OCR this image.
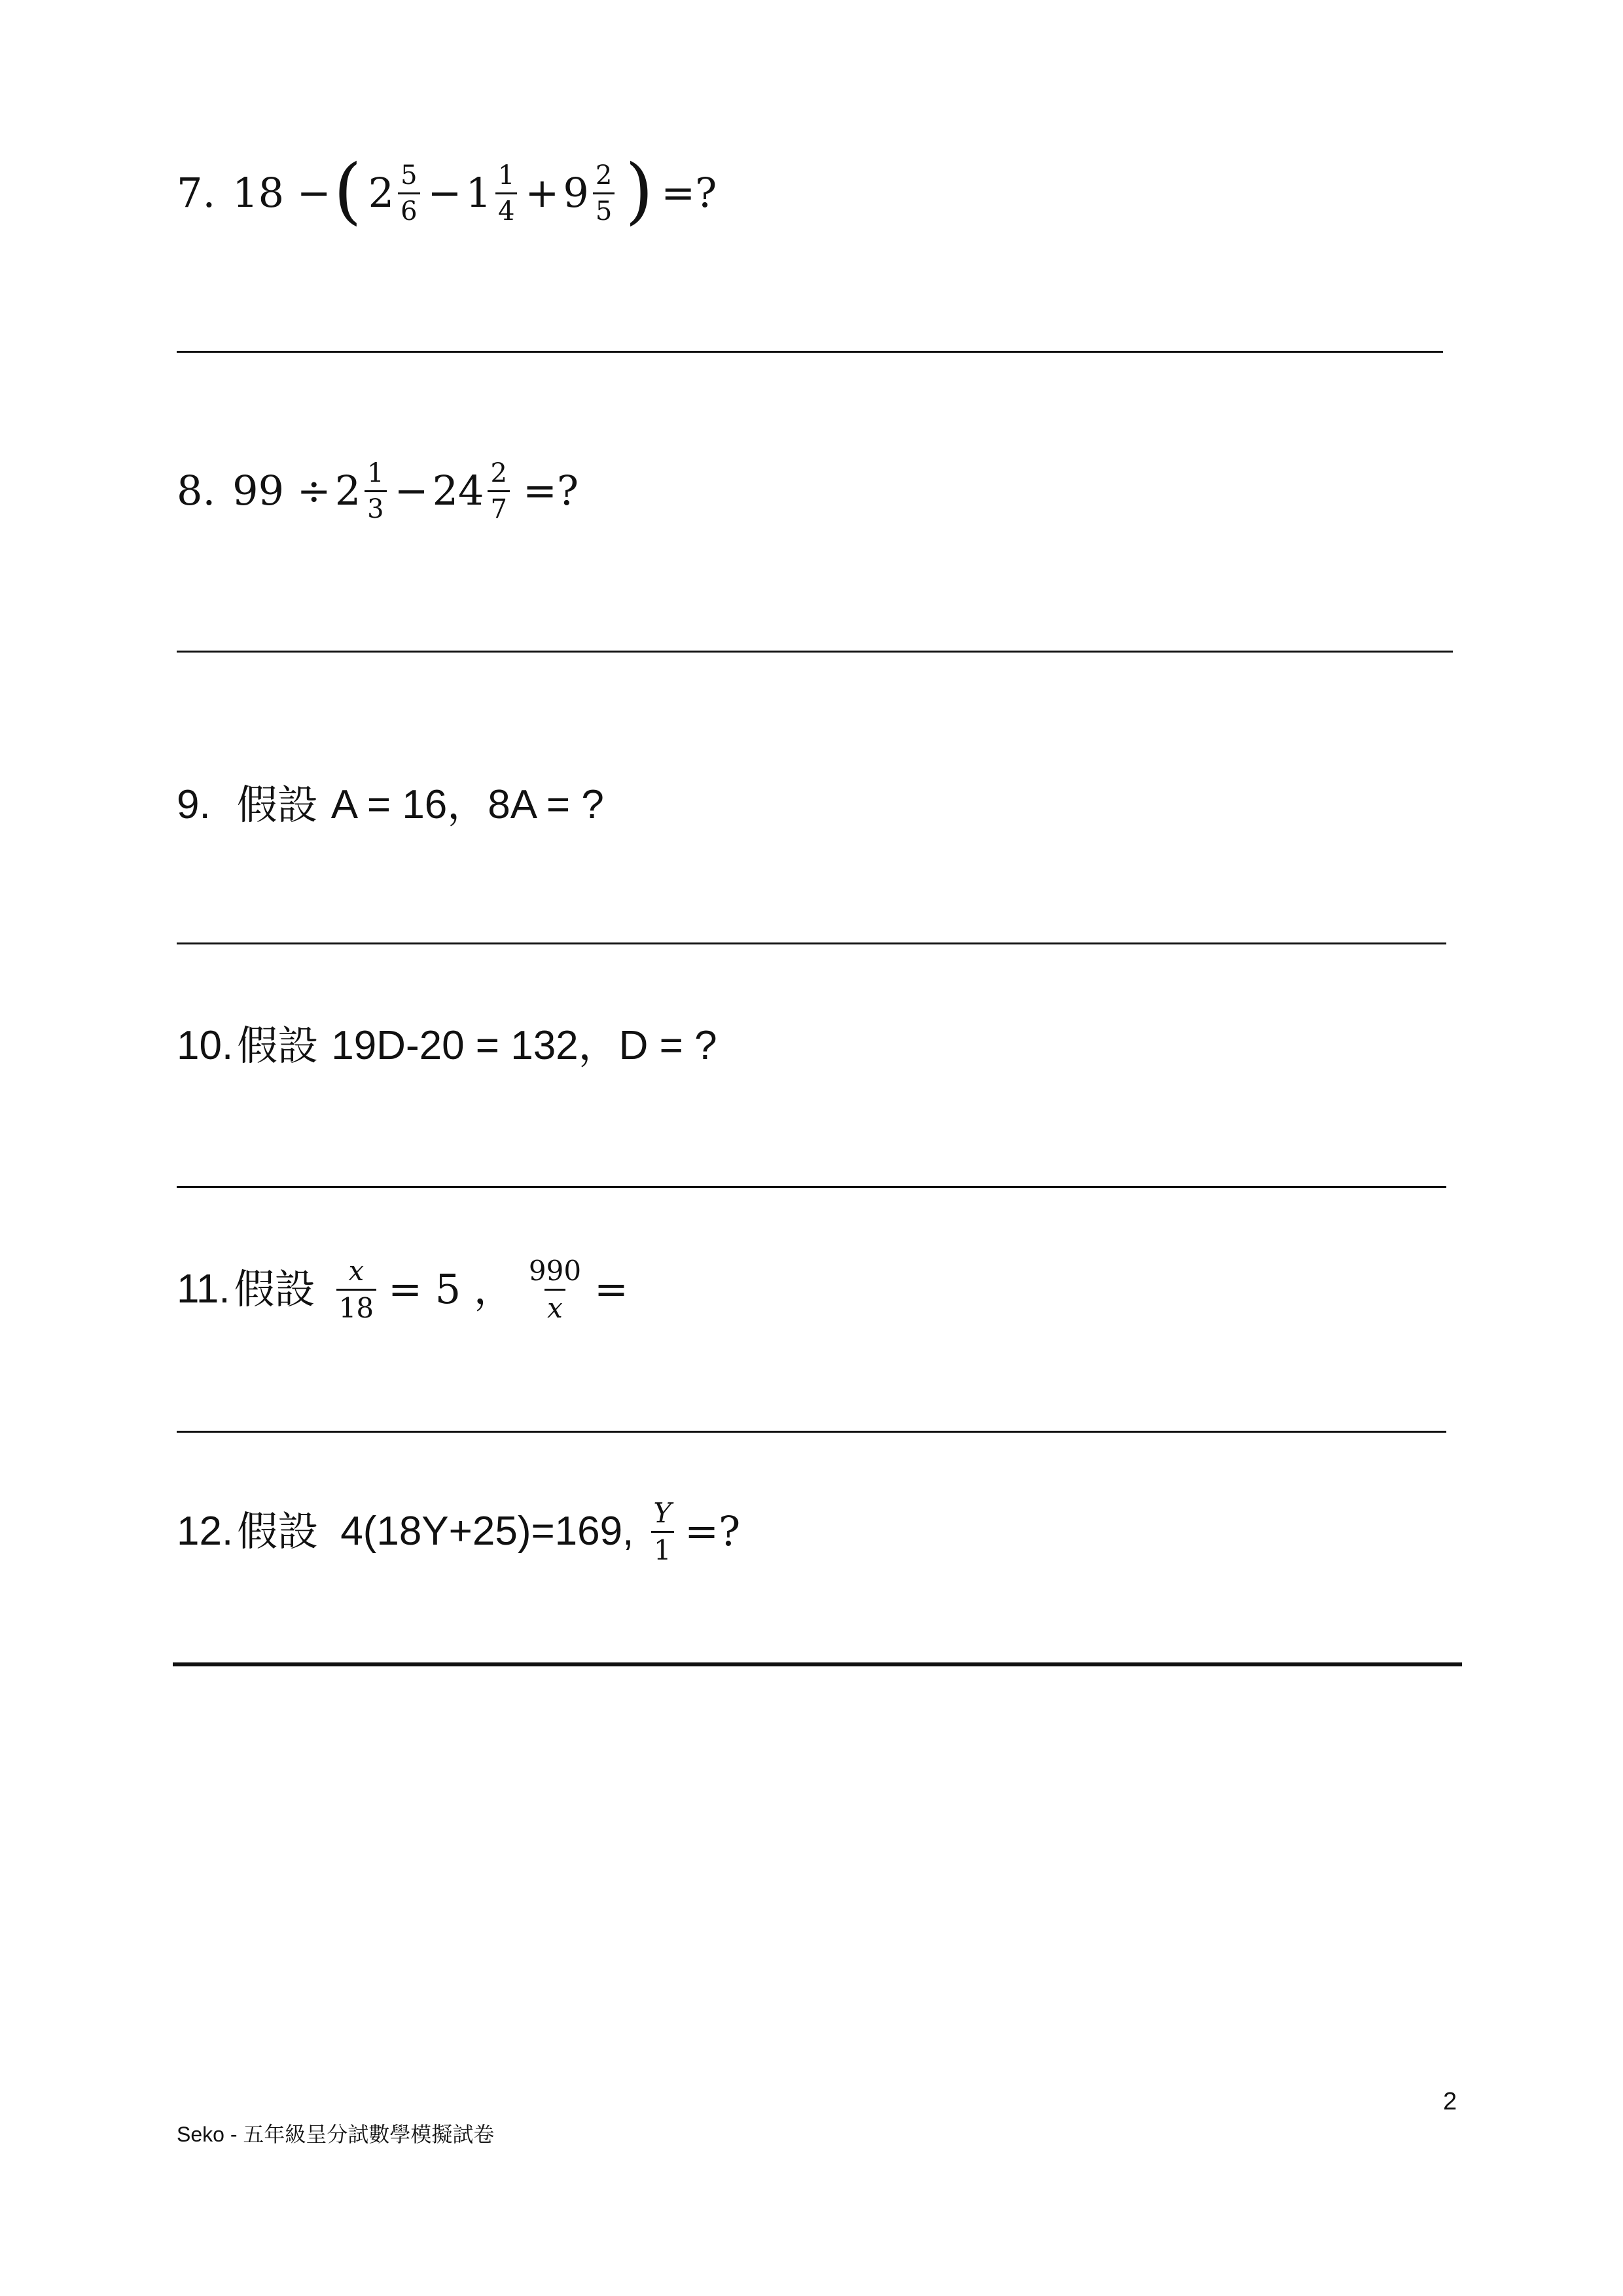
7. 18 − ( $2 \frac{5}{6} - 1 \frac{1}{4} + 9 \frac{2}{5}$ ) =?
8. $99 \div 2 \frac{1}{3} - 24 \frac{2}{7}$ =?
9. 假設 A = 16，8A = ?
10. 假設 19D-20 = 132，D = ?
11. 假設 $\frac{x}{18} = 5$ ， $\frac{990}{x}$ =
12. 假設 4(18Y+25)=169, $\frac{Y}{1}$ =?
2
Seko - 五年級呈分試數學模擬試卷
